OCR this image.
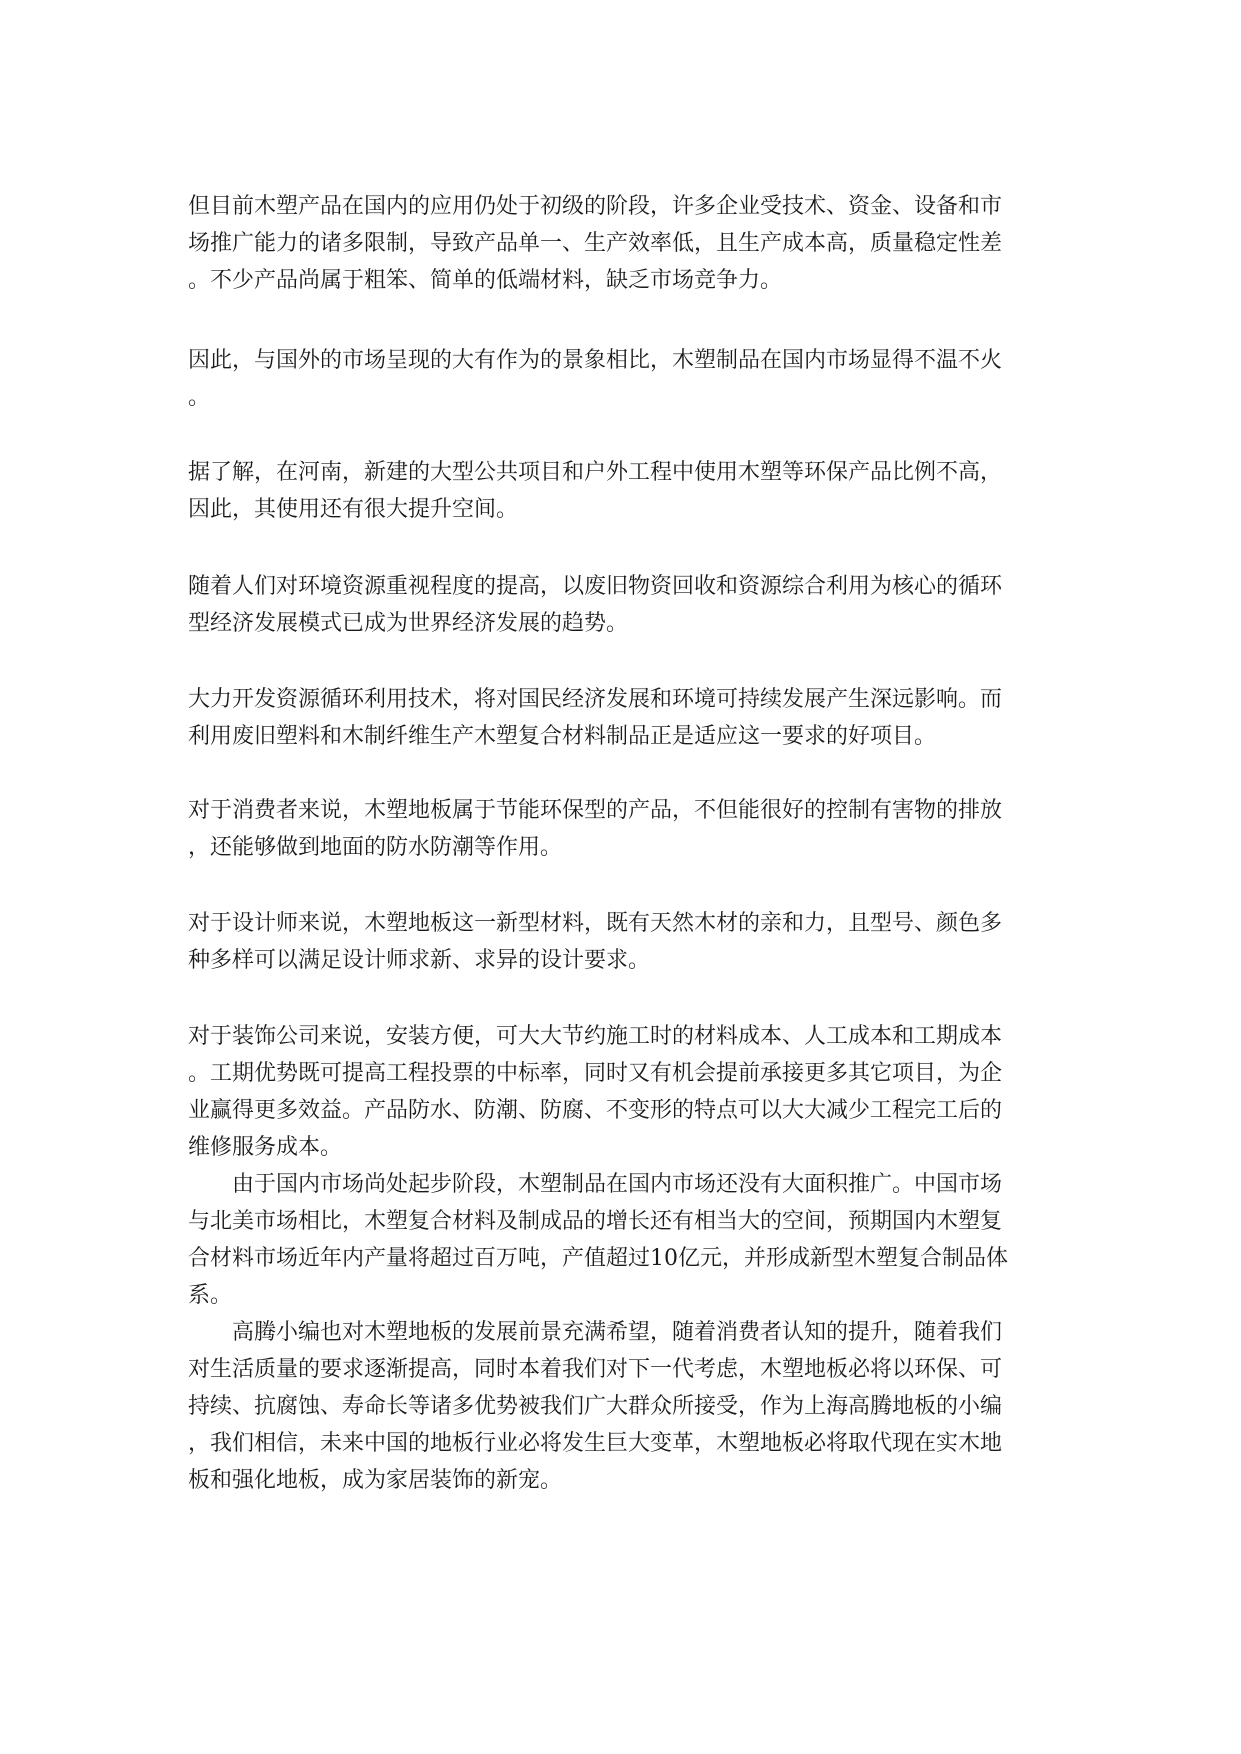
但目前木塑产品在国内的应用仍处于初级的阶段，许多企业受技术、资金、设备和市
场推广能力的诸多限制，导致产品单一、生产效率低，且生产成本高，质量稳定性差
。不少产品尚属于粗笨、简单的低端材料，缺乏市场竞争力。
因此，与国外的市场呈现的大有作为的景象相比，木塑制品在国内市场显得不温不火
。
据了解，在河南，新建的大型公共项目和户外工程中使用木塑等环保产品比例不高，
因此，其使用还有很大提升空间。
随着人们对环境资源重视程度的提高，以废旧物资回收和资源综合利用为核心的循环
型经济发展模式已成为世界经济发展的趋势。
大力开发资源循环利用技术，将对国民经济发展和环境可持续发展产生深远影响。而
利用废旧塑料和木制纤维生产木塑复合材料制品正是适应这一要求的好项目。
对于消费者来说，木塑地板属于节能环保型的产品，不但能很好的控制有害物的排放
，还能够做到地面的防水防潮等作用。
对于设计师来说，木塑地板这一新型材料，既有天然木材的亲和力，且型号、颜色多
种多样可以满足设计师求新、求异的设计要求。
对于装饰公司来说，安装方便，可大大节约施工时的材料成本、人工成本和工期成本
。工期优势既可提高工程投票的中标率，同时又有机会提前承接更多其它项目，为企
业赢得更多效益。产品防水、防潮、防腐、不变形的特点可以大大减少工程完工后的
维修服务成本。
由于国内市场尚处起步阶段，木塑制品在国内市场还没有大面积推广。中国市场
与北美市场相比，木塑复合材料及制成品的增长还有相当大的空间，预期国内木塑复
合材料市场近年内产量将超过百万吨，产值超过10亿元，并形成新型木塑复合制品体
系。
高腾小编也对木塑地板的发展前景充满希望，随着消费者认知的提升，随着我们
对生活质量的要求逐渐提高，同时本着我们对下一代考虑，木塑地板必将以环保、可
持续、抗腐蚀、寿命长等诸多优势被我们广大群众所接受，作为上海高腾地板的小编
，我们相信，未来中国的地板行业必将发生巨大变革，木塑地板必将取代现在实木地
板和强化地板，成为家居装饰的新宠。
